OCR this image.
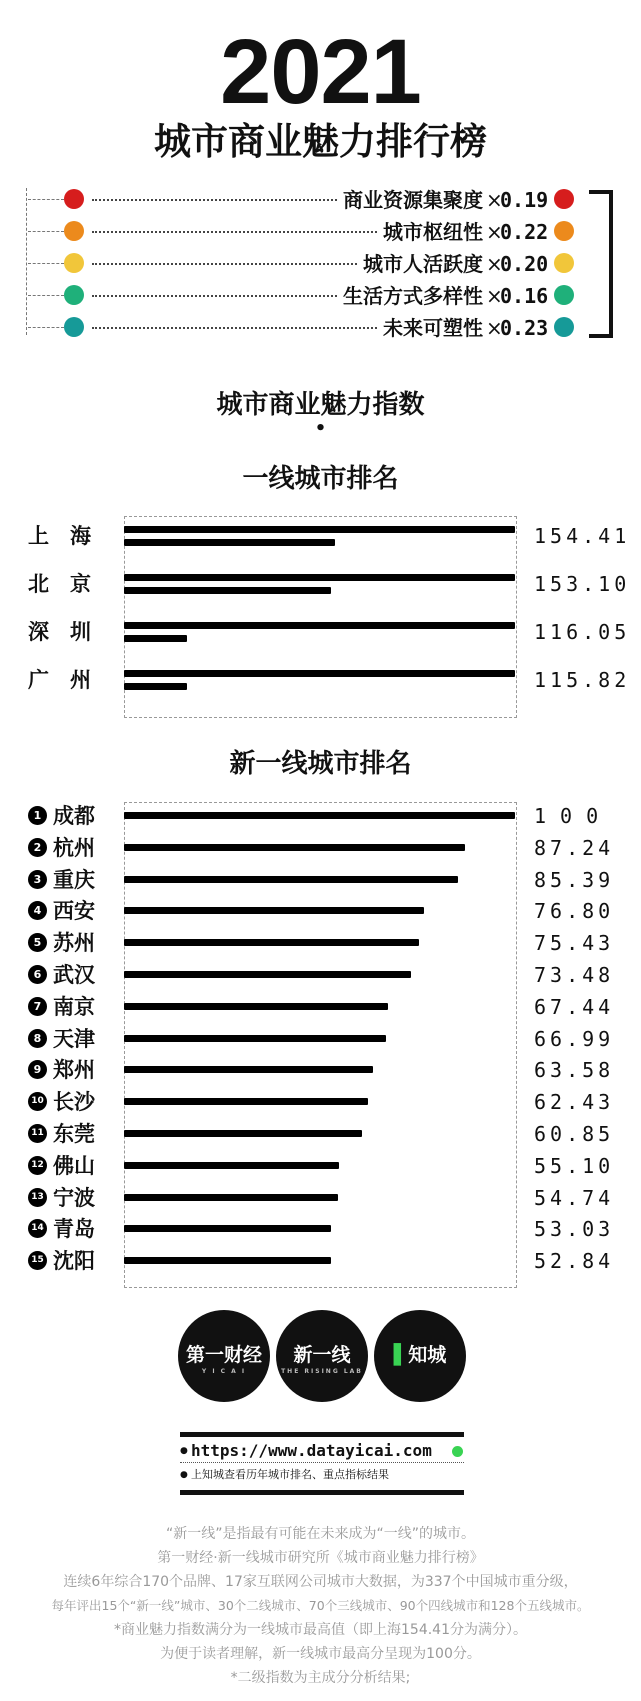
2021
城市商业魅力排行榜
商业资源集聚度 ×
0.19
城市枢纽性 ×
0.22
城市人活跃度 ×
0.20
生活方式多样性 ×
0.16
未来可塑性 ×
0.23
城市商业魅力指数
•
一线城市排名
上　海	154.41
北　京	153.10
深　圳	116.05
广　州	115.82
新一线城市排名
1 成都	100
2 杭州	87.24
3 重庆	85.39
4 西安	76.80
5 苏州	75.43
6 武汉	73.48
7 南京	67.44
8 天津	66.99
9 郑州	63.58
10 长沙	62.43
11 东莞	60.85
12 佛山	55.10
13 宁波	54.74
14 青岛	53.03
15 沈阳	52.84
第一财经
Y I C A I
新一线
THE RISING LAB
▌知城
● https://www.datayicai.com
● 上知城查看历年城市排名、重点指标结果
“新一线”是指最有可能在未来成为“一线”的城市。
第一财经·新一线城市研究所《城市商业魅力排行榜》
连续6年综合170个品牌、17家互联网公司城市大数据，为337个中国城市重分级，
每年评出15个“新一线”城市、30个二线城市、70个三线城市、90个四线城市和128个五线城市。
*商业魅力指数满分为一线城市最高值（即上海154.41分为满分）。
为便于读者理解，新一线城市最高分呈现为100分。
*二级指数为主成分分析结果;
